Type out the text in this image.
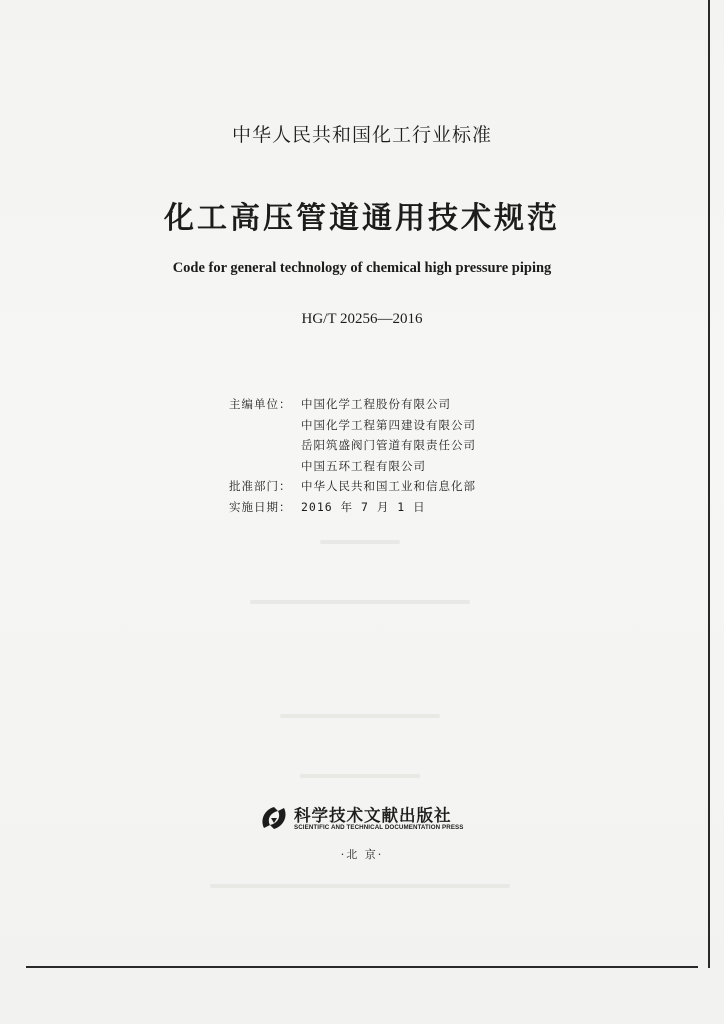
中华人民共和国化工行业标准
化工高压管道通用技术规范
Code for general technology of chemical high pressure piping
HG/T 20256—2016
主编单位： 中国化学工程股份有限公司
中国化学工程第四建设有限公司
岳阳筑盛阀门管道有限责任公司
中国五环工程有限公司
批准部门： 中华人民共和国工业和信息化部
实施日期： 2016 年 7 月 1 日
科学技术文献出版社
SCIENTIFIC AND TECHNICAL DOCUMENTATION PRESS
·北 京·
